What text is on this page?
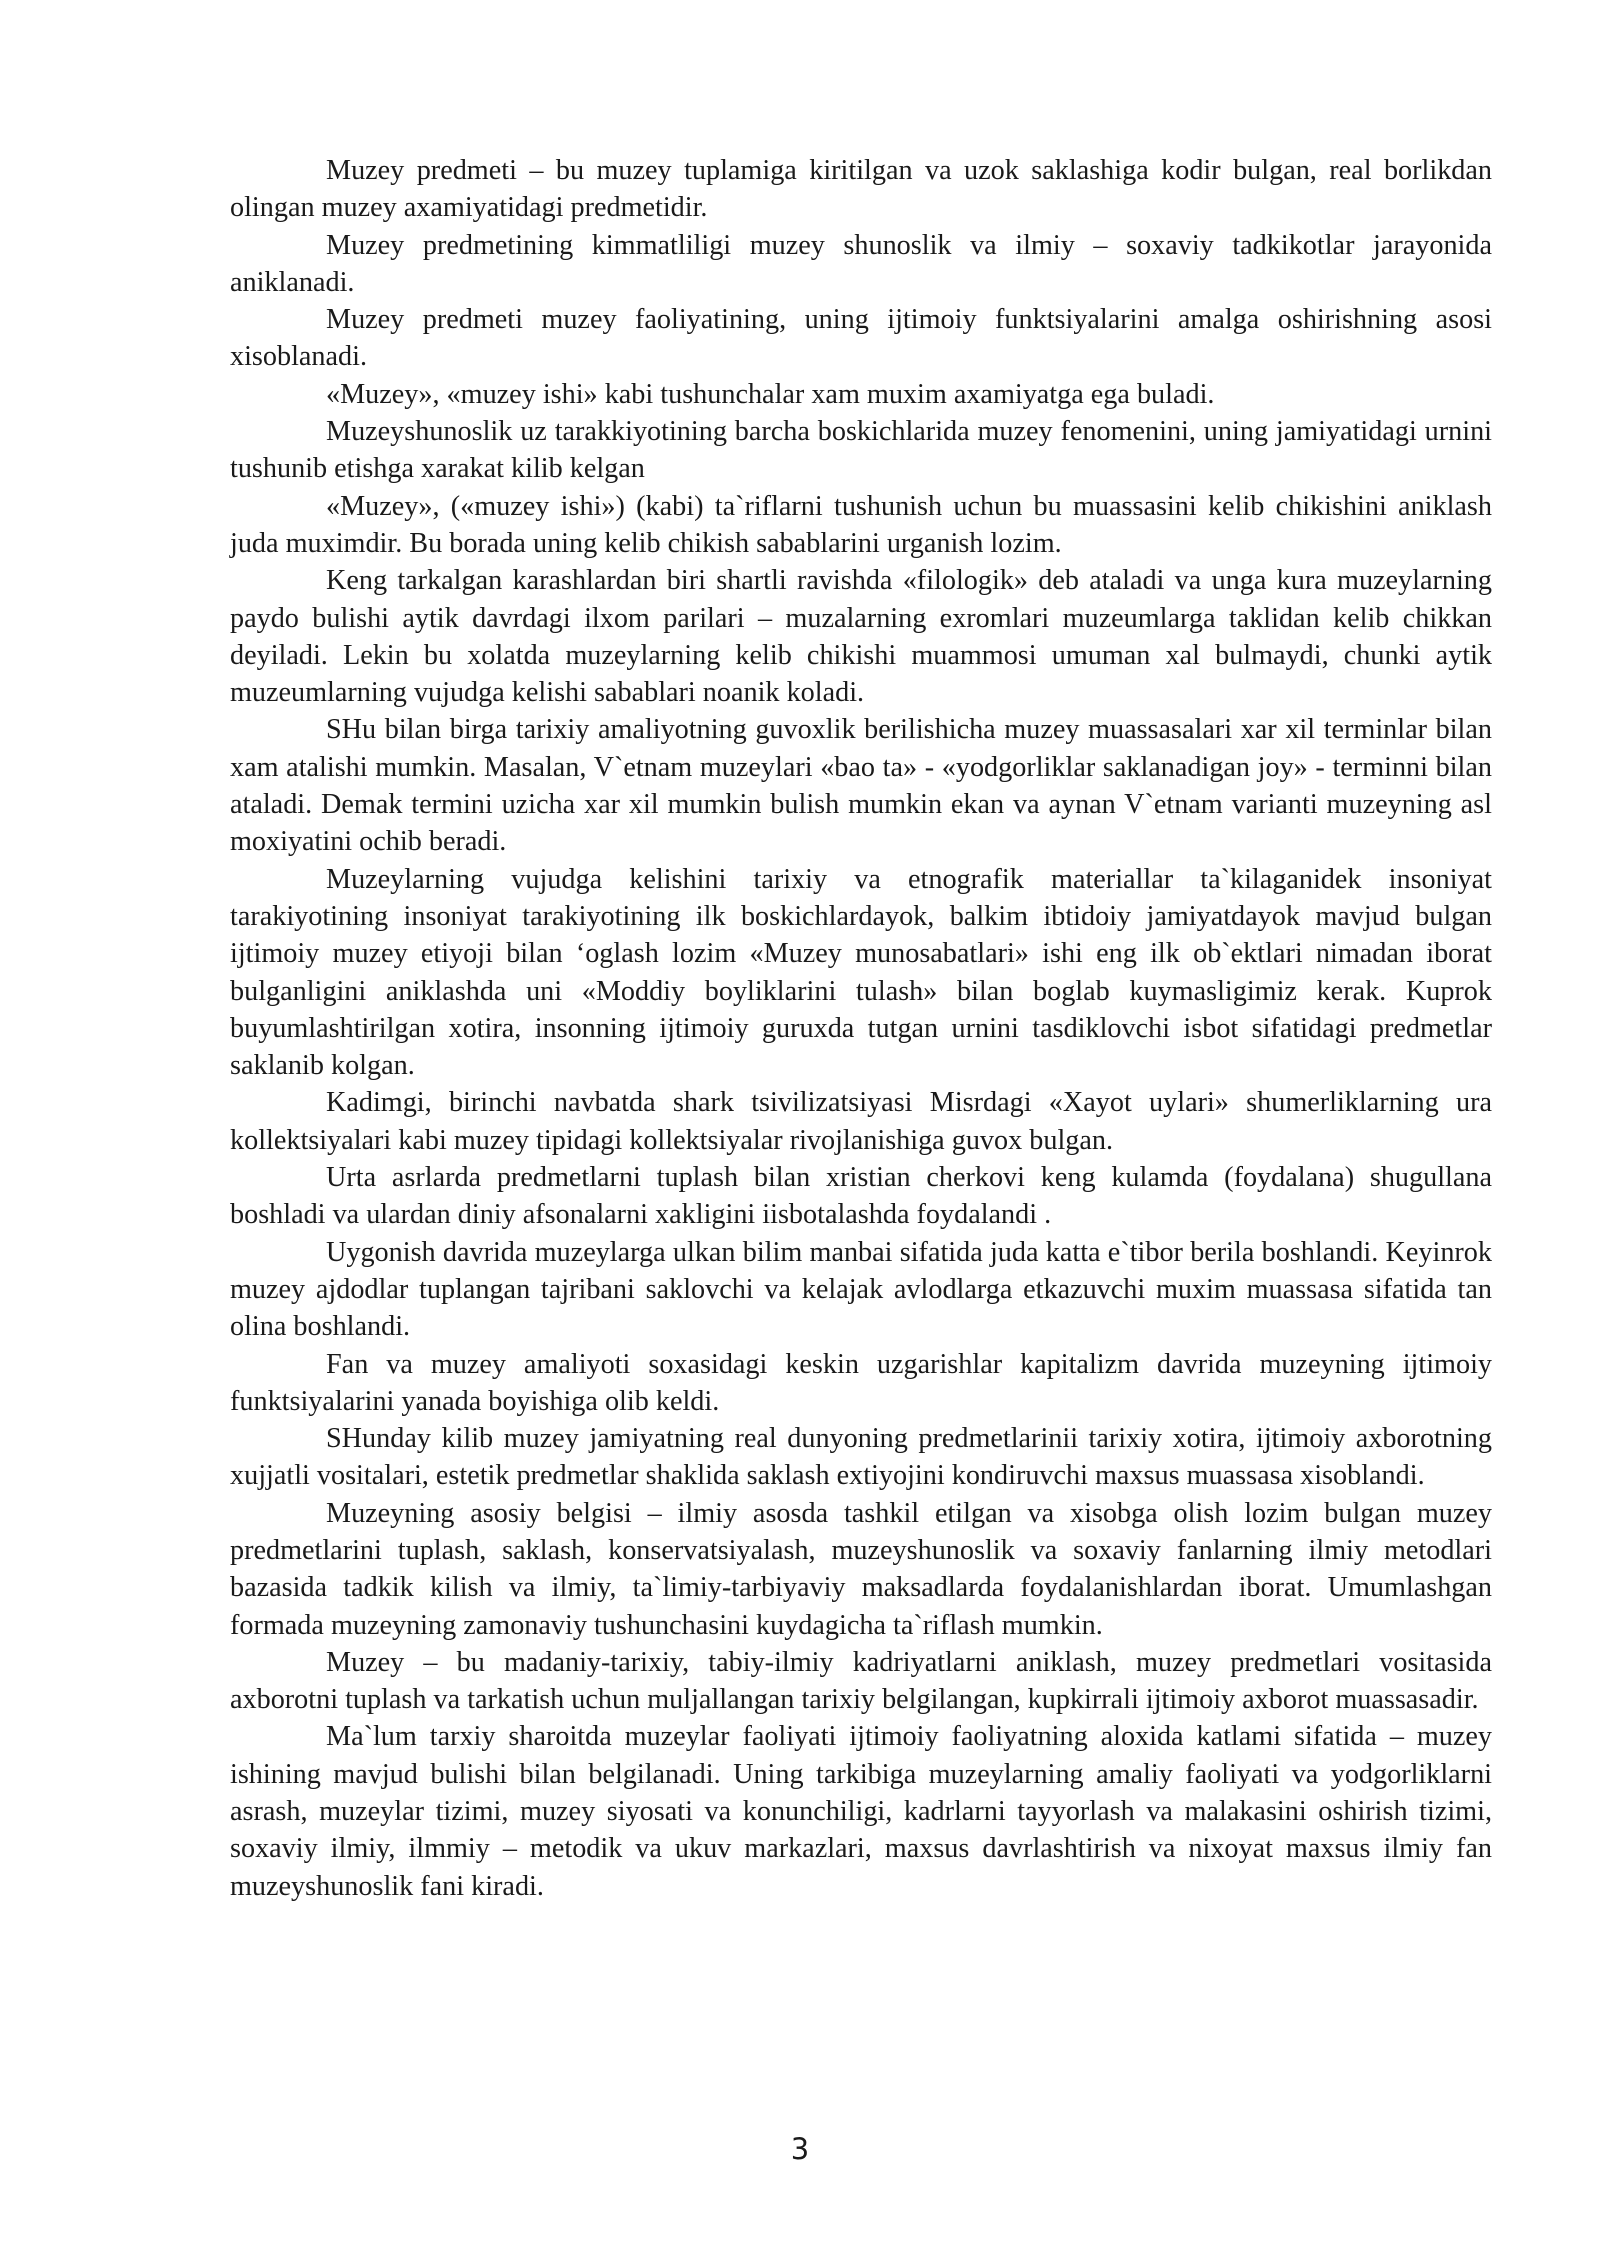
Muzey predmeti – bu muzey tuplamiga kiritilgan va uzok saklashiga kodir bulgan, real borlikdan olingan muzey axamiyatidagi predmetidir.

Muzey predmetining kimmatliligi muzey shunoslik va ilmiy – soxaviy tadkikotlar jarayonida aniklanadi.

Muzey predmeti muzey faoliyatining, uning ijtimoiy funktsiyalarini amalga oshirishning asosi xisoblanadi.

«Muzey», «muzey ishi» kabi tushunchalar xam muxim axamiyatga ega buladi.

Muzeyshunoslik uz tarakkiyotining barcha boskichlarida muzey fenomenini, uning jamiyatidagi urnini tushunib etishga xarakat kilib kelgan

«Muzey», («muzey ishi») (kabi) ta`riflarni tushunish uchun bu muassasini kelib chikishini aniklash juda muximdir. Bu borada uning kelib chikish sabablarini urganish lozim.

Keng tarkalgan karashlardan biri shartli ravishda «filologik» deb ataladi va unga kura muzeylarning paydo bulishi aytik davrdagi ilxom parilari – muzalarning exromlari muzeumlarga taklidan kelib chikkan deyiladi. Lekin bu xolatda muzeylarning kelib chikishi muammosi umuman xal bulmaydi, chunki aytik muzeumlarning vujudga kelishi sabablari noanik koladi.

SHu bilan birga tarixiy amaliyotning guvoxlik berilishicha muzey muassasalari xar xil terminlar bilan xam atalishi mumkin. Masalan, V`etnam muzeylari «bao ta» - «yodgorliklar saklanadigan joy» - terminni bilan ataladi. Demak termini uzicha xar xil mumkin bulish mumkin ekan va aynan V`etnam varianti muzeyning asl moxiyatini ochib beradi.

Muzeylarning vujudga kelishini tarixiy va etnografik materiallar ta`kilaganidek insoniyat tarakiyotining insoniyat tarakiyotining ilk boskichlardayok, balkim ibtidoiy jamiyatdayok mavjud bulgan ijtimoiy muzey etiyoji bilan ‘oglash lozim «Muzey munosabatlari» ishi eng ilk ob`ektlari nimadan iborat bulganligini aniklashda uni «Moddiy boyliklarini tulash» bilan boglab kuymasligimiz kerak. Kuprok buyumlashtirilgan xotira, insonning ijtimoiy guruxda tutgan urnini tasdiklovchi isbot sifatidagi predmetlar saklanib kolgan.

Kadimgi, birinchi navbatda shark tsivilizatsiyasi Misrdagi «Xayot uylari» shumerliklarning ura kollektsiyalari kabi muzey tipidagi kollektsiyalar rivojlanishiga guvox bulgan.

Urta asrlarda predmetlarni tuplash bilan xristian cherkovi keng kulamda (foydalana) shugullana boshladi va ulardan diniy afsonalarni xakligini iisbotalashda foydalandi .

Uygonish davrida muzeylarga ulkan bilim manbai sifatida juda katta e`tibor berila boshlandi. Keyinrok muzey ajdodlar tuplangan tajribani saklovchi va kelajak avlodlarga etkazuvchi muxim muassasa sifatida tan olina boshlandi.

Fan va muzey amaliyoti soxasidagi keskin uzgarishlar kapitalizm davrida muzeyning ijtimoiy funktsiyalarini yanada boyishiga olib keldi.

SHunday kilib muzey jamiyatning real dunyoning predmetlarinii tarixiy xotira, ijtimoiy axborotning xujjatli vositalari, estetik predmetlar shaklida saklash extiyojini kondiruvchi maxsus muassasa xisoblandi.

Muzeyning asosiy belgisi – ilmiy asosda tashkil etilgan va xisobga olish lozim bulgan muzey predmetlarini tuplash, saklash, konservatsiyalash, muzeyshunoslik va soxaviy fanlarning ilmiy metodlari bazasida tadkik kilish va ilmiy, ta`limiy-tarbiyaviy maksadlarda foydalanishlardan iborat. Umumlashgan formada muzeyning zamonaviy tushunchasini kuydagicha ta`riflash mumkin.

Muzey – bu madaniy-tarixiy, tabiy-ilmiy kadriyatlarni aniklash, muzey predmetlari vositasida axborotni tuplash va tarkatish uchun muljallangan tarixiy belgilangan, kupkirrali ijtimoiy axborot muassasadir.

Ma`lum tarxiy sharoitda muzeylar faoliyati ijtimoiy faoliyatning aloxida katlami sifatida – muzey ishining mavjud bulishi bilan belgilanadi. Uning tarkibiga muzeylarning amaliy faoliyati va yodgorliklarni asrash, muzeylar tizimi, muzey siyosati va konunchiligi, kadrlarni tayyorlash va malakasini oshirish tizimi, soxaviy ilmiy, ilmmiy – metodik va ukuv markazlari, maxsus davrlashtirish va nixoyat maxsus ilmiy fan muzeyshunoslik fani kiradi.

3
